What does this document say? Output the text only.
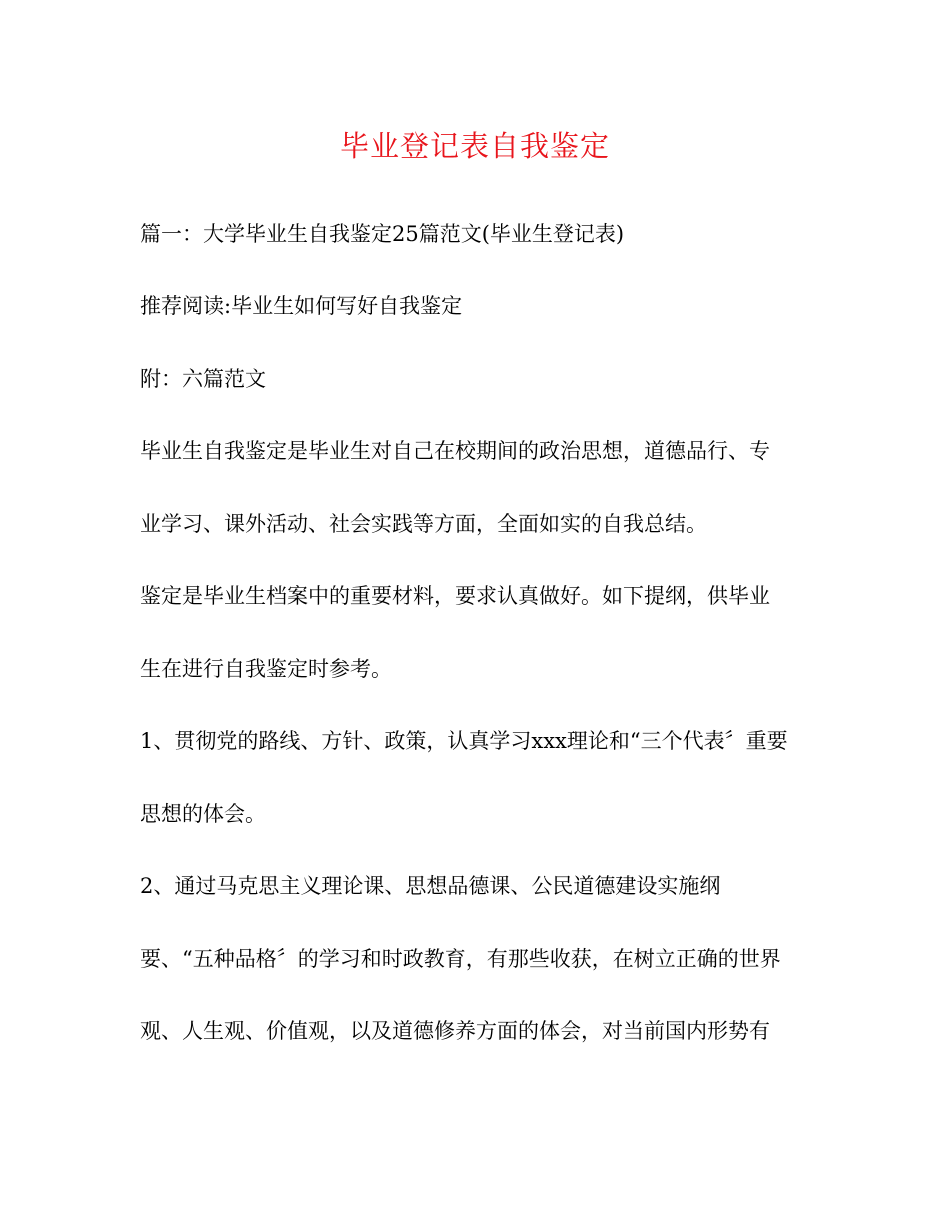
毕业登记表自我鉴定
篇一：大学毕业生自我鉴定25篇范文(毕业生登记表)
推荐阅读:毕业生如何写好自我鉴定
附：六篇范文
毕业生自我鉴定是毕业生对自己在校期间的政治思想，道德品行、专
业学习、课外活动、社会实践等方面，全面如实的自我总结。
鉴定是毕业生档案中的重要材料，要求认真做好。如下提纲，供毕业
生在进行自我鉴定时参考。
1、贯彻党的路线、方针、政策，认真学习xxx理论和“三个代表〞重要
思想的体会。
2、通过马克思主义理论课、思想品德课、公民道德建设实施纲
要、“五种品格〞的学习和时政教育，有那些收获，在树立正确的世界
观、人生观、价值观，以及道德修养方面的体会，对当前国内形势有
